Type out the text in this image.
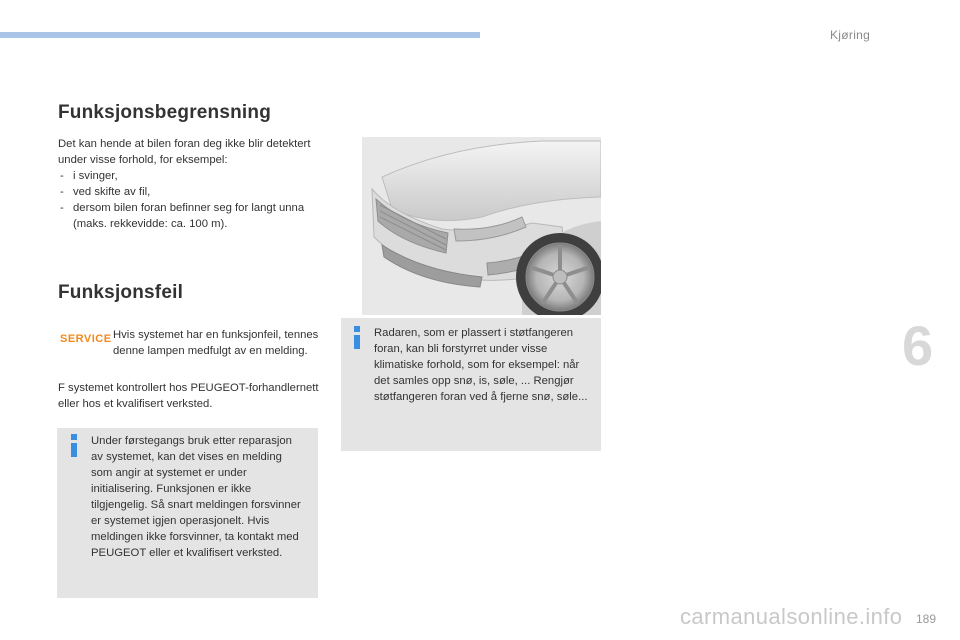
Kjøring
6
Funksjonsbegrensning

Det kan hende at bilen foran deg ikke blir detektert under visse forhold, for eksempel:

- i svinger,
- ved skifte av fil,
- dersom bilen foran befinner seg for langt unna (maks. rekkevidde: ca. 100 m).
Funksjonsfeil
SERVICE Hvis systemet har en funksjonfeil, tennes denne lampen medfulgt av en melding.
F systemet kontrollert hos PEUGEOT-forhandlernett eller hos et kvalifisert verksted.
Under førstegangs bruk etter reparasjon av systemet, kan det vises en melding som angir at systemet er under initialisering. Funksjonen er ikke tilgjengelig. Så snart meldingen forsvinner er systemet igjen operasjonelt. Hvis meldingen ikke forsvinner, ta kontakt med PEUGEOT eller et kvalifisert verksted.
Radaren, som er plassert i støtfangeren foran, kan bli forstyrret under visse klimatiske forhold, som for eksempel: når det samles opp snø, is, søle, ... Rengjør støtfangeren foran ved å fjerne snø, søle...
carmanualsonline.info 189
